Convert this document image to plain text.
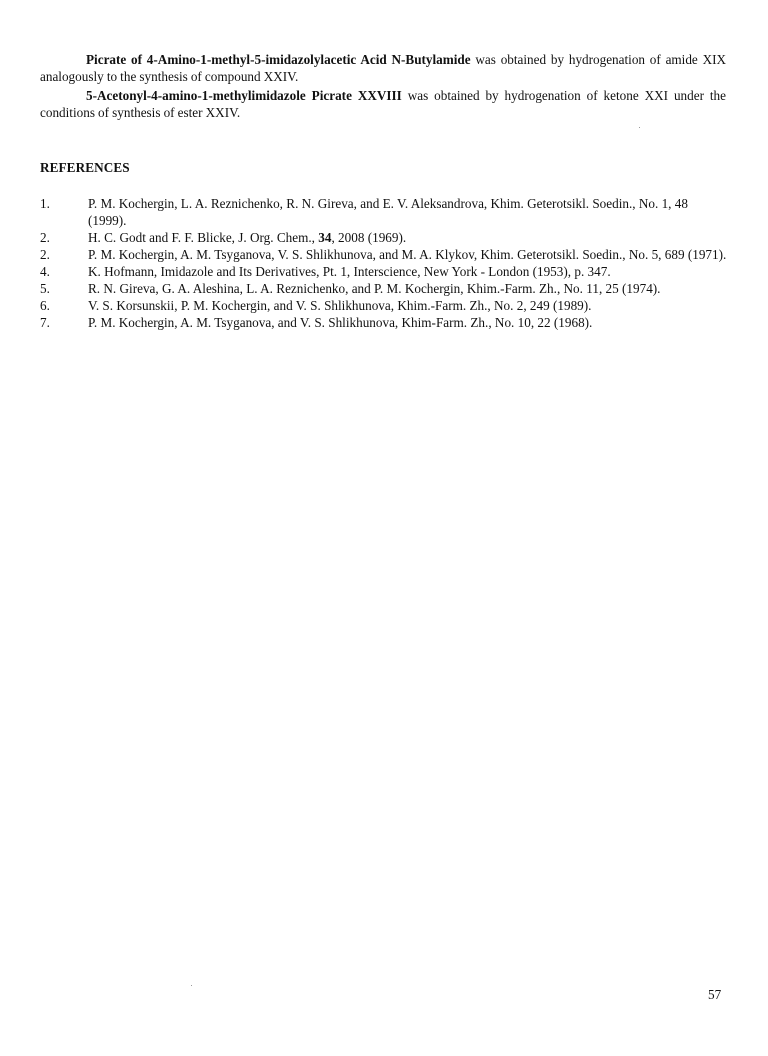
Picrate of 4-Amino-1-methyl-5-imidazolylacetic Acid N-Butylamide was obtained by hydrogenation of amide XIX analogously to the synthesis of compound XXIV.

5-Acetonyl-4-amino-1-methylimidazole Picrate XXVIII was obtained by hydrogenation of ketone XXI under the conditions of synthesis of ester XXIV.

REFERENCES
1.	P. M. Kochergin, L. A. Reznichenko, R. N. Gireva, and E. V. Aleksandrova, Khim. Geterotsikl. Soedin., No. 1, 48 (1999).
2.	H. C. Godt and F. F. Blicke, J. Org. Chem., 34, 2008 (1969).
2.	P. M. Kochergin, A. M. Tsyganova, V. S. Shlikhunova, and M. A. Klykov, Khim. Geterotsikl. Soedin., No. 5, 689 (1971).
4.	K. Hofmann, Imidazole and Its Derivatives, Pt. 1, Interscience, New York - London (1953), p. 347.
5.	R. N. Gireva, G. A. Aleshina, L. A. Reznichenko, and P. M. Kochergin, Khim.-Farm. Zh., No. 11, 25 (1974).
6.	V. S. Korsunskii, P. M. Kochergin, and V. S. Shlikhunova, Khim.-Farm. Zh., No. 2, 249 (1989).
7.	P. M. Kochergin, A. M. Tsyganova, and V. S. Shlikhunova, Khim-Farm. Zh., No. 10, 22 (1968).
57
